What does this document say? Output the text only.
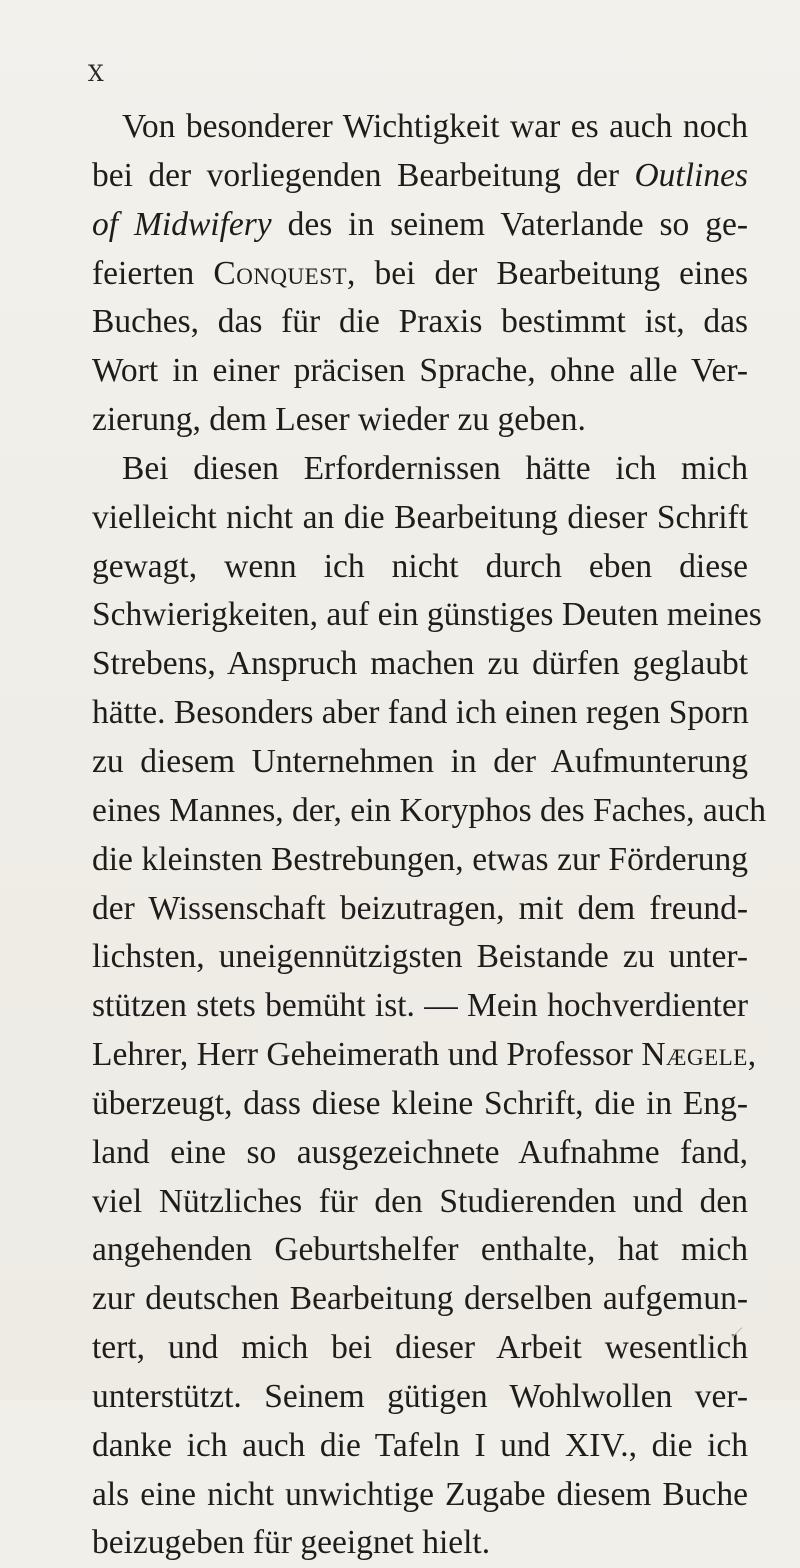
X
Von besonderer Wichtigkeit war es auch noch
bei der vorliegenden Bearbeitung der Outlines
of Midwifery des in seinem Vaterlande so ge-
feierten Conquest, bei der Bearbeitung eines
Buches, das für die Praxis bestimmt ist, das
Wort in einer präcisen Sprache, ohne alle Ver-
zierung, dem Leser wieder zu geben.
Bei diesen Erfordernissen hätte ich mich
vielleicht nicht an die Bearbeitung dieser Schrift
gewagt, wenn ich nicht durch eben diese
Schwierigkeiten, auf ein günstiges Deuten meines
Strebens, Anspruch machen zu dürfen geglaubt
hätte. Besonders aber fand ich einen regen Sporn
zu diesem Unternehmen in der Aufmunterung
eines Mannes, der, ein Koryphos des Faches, auch
die kleinsten Bestrebungen, etwas zur Förderung
der Wissenschaft beizutragen, mit dem freund-
lichsten, uneigennützigsten Beistande zu unter-
stützen stets bemüht ist. — Mein hochverdienter
Lehrer, Herr Geheimerath und Professor Nægele,
überzeugt, dass diese kleine Schrift, die in Eng-
land eine so ausgezeichnete Aufnahme fand,
viel Nützliches für den Studierenden und den
angehenden Geburtshelfer enthalte, hat mich
zur deutschen Bearbeitung derselben aufgemun-
tert, und mich bei dieser Arbeit wesentlich
unterstützt. Seinem gütigen Wohlwollen ver-
danke ich auch die Tafeln I und XIV., die ich
als eine nicht unwichtige Zugabe diesem Buche
beizugeben für geeignet hielt.
